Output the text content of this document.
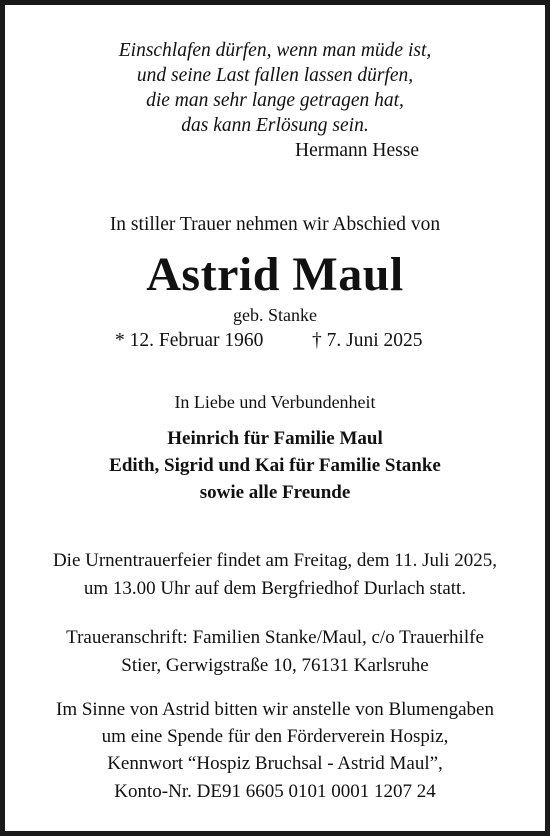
Einschlafen dürfen, wenn man müde ist,
und seine Last fallen lassen dürfen,
die man sehr lange getragen hat,
das kann Erlösung sein.
Hermann Hesse
In stiller Trauer nehmen wir Abschied von
Astrid Maul
geb. Stanke
* 12. Februar 1960 † 7. Juni 2025
In Liebe und Verbundenheit
Heinrich für Familie Maul
Edith, Sigrid und Kai für Familie Stanke
sowie alle Freunde
Die Urnentrauerfeier findet am Freitag, dem 11. Juli 2025,
um 13.00 Uhr auf dem Bergfriedhof Durlach statt.
Traueranschrift: Familien Stanke/Maul, c/o Trauerhilfe
Stier, Gerwigstraße 10, 76131 Karlsruhe
Im Sinne von Astrid bitten wir anstelle von Blumengaben
um eine Spende für den Förderverein Hospiz,
Kennwort “Hospiz Bruchsal - Astrid Maul”,
Konto-Nr. DE91 6605 0101 0001 1207 24
